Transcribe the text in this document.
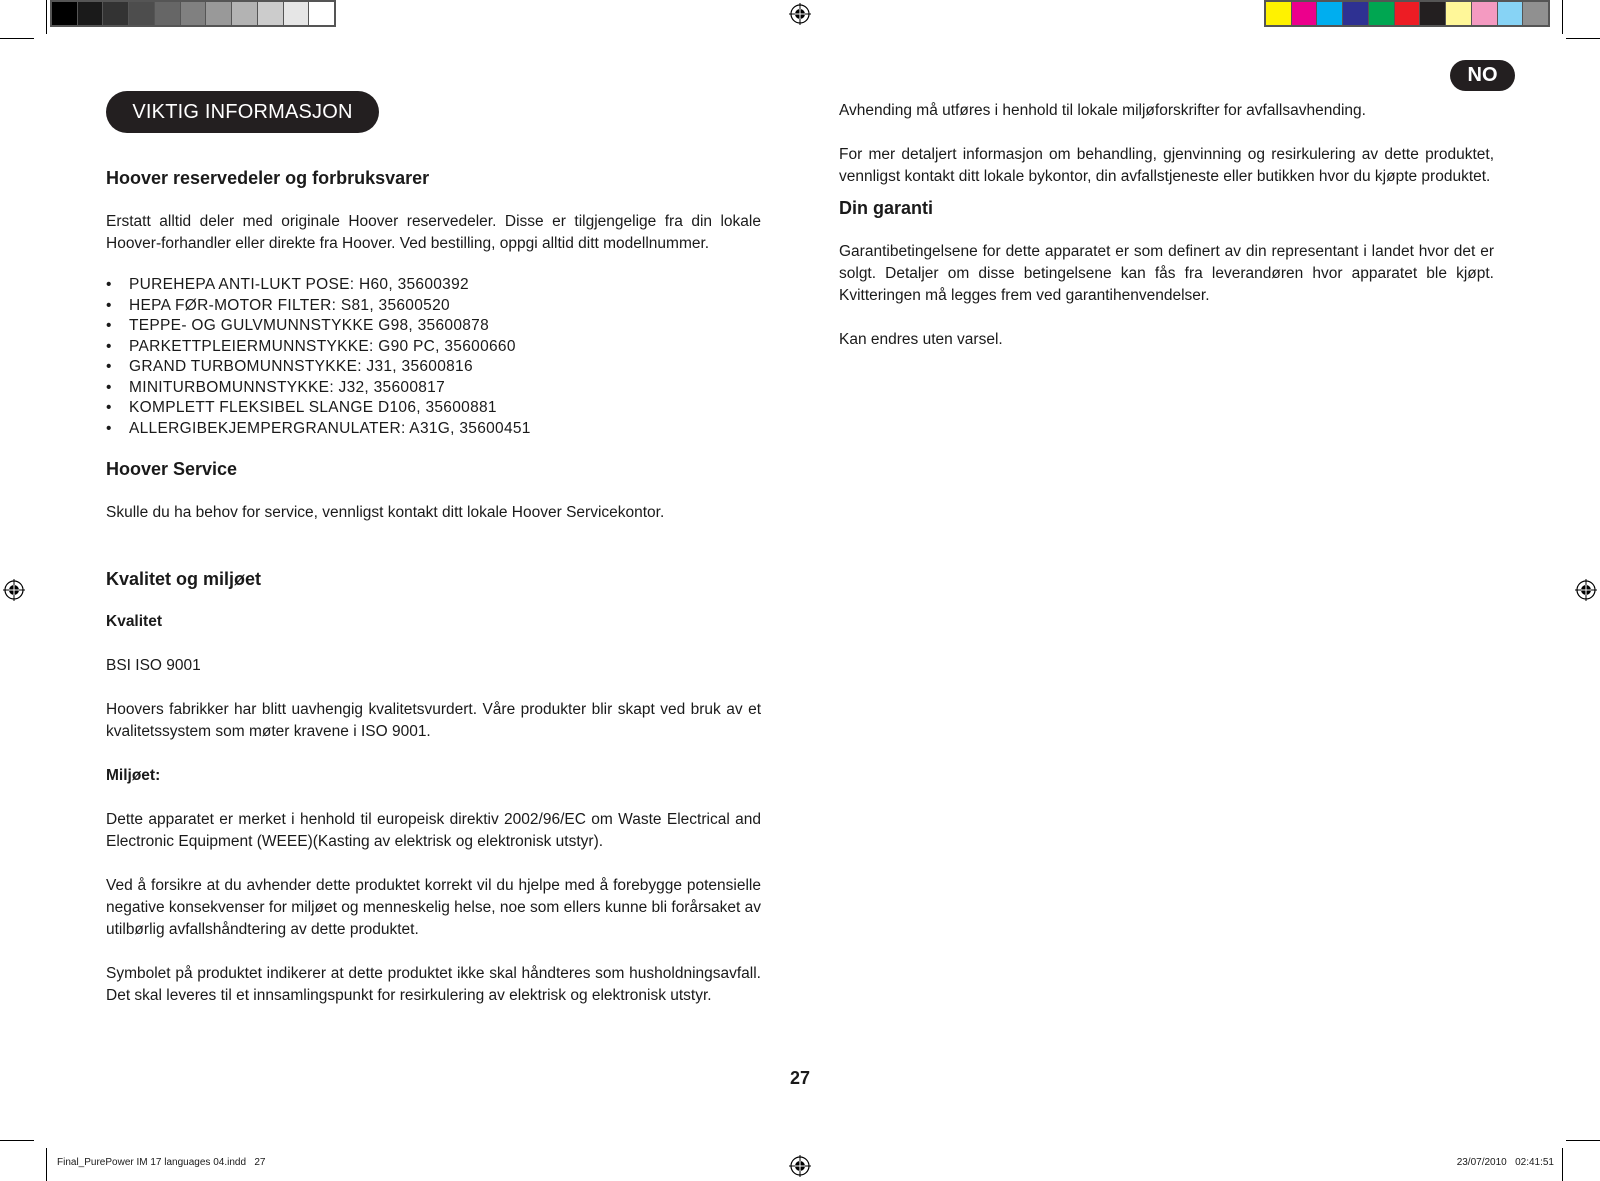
VIKTIG INFORMASJON
NO
Hoover reservedeler og forbruksvarer

Erstatt alltid deler med originale Hoover reservedeler. Disse er tilgjengelige fra din lokale Hoover-forhandler eller direkte fra Hoover. Ved bestilling, oppgi alltid ditt modellnummer.

• PUREHEPA ANTI-LUKT POSE: H60, 35600392
• HEPA FØR-MOTOR FILTER: S81, 35600520
• TEPPE- OG GULVMUNNSTYKKE G98, 35600878
• PARKETTPLEIERMUNNSTYKKE: G90 PC, 35600660
• GRAND TURBOMUNNSTYKKE: J31, 35600816
• MINITURBOMUNNSTYKKE: J32, 35600817
• KOMPLETT FLEKSIBEL SLANGE D106, 35600881
• ALLERGIBEKJEMPERGRANULATER: A31G, 35600451
Hoover Service

Skulle du ha behov for service, vennligst kontakt ditt lokale Hoover Servicekontor.

Kvalitet og miljøet
Kvalitet

BSI ISO 9001

Hoovers fabrikker har blitt uavhengig kvalitetsvurdert. Våre produkter blir skapt ved bruk av et kvalitetssystem som møter kravene i ISO 9001.

Miljøet:

Dette apparatet er merket i henhold til europeisk direktiv 2002/96/EC om Waste Electrical and Electronic Equipment (WEEE)(Kasting av elektrisk og elektronisk utstyr).

Ved å forsikre at du avhender dette produktet korrekt vil du hjelpe med å forebygge potensielle negative konsekvenser for miljøet og menneskelig helse, noe som ellers kunne bli forårsaket av utilbørlig avfallshåndtering av dette produktet.

Symbolet på produktet indikerer at dette produktet ikke skal håndteres som husholdningsavfall. Det skal leveres til et innsamlingspunkt for resirkulering av elektrisk og elektronisk utstyr.

Avhending må utføres i henhold til lokale miljøforskrifter for avfallsavhending.

For mer detaljert informasjon om behandling, gjenvinning og resirkulering av dette produktet, vennligst kontakt ditt lokale bykontor, din avfallstjeneste eller butikken hvor du kjøpte produktet.

Din garanti

Garantibetingelsene for dette apparatet er som definert av din representant i landet hvor det er solgt. Detaljer om disse betingelsene kan fås fra leverandøren hvor apparatet ble kjøpt. Kvitteringen må legges frem ved garantihenvendelser.

Kan endres uten varsel.

27
Final_PurePower IM 17 languages 04.indd   27	23/07/2010   02:41:51
